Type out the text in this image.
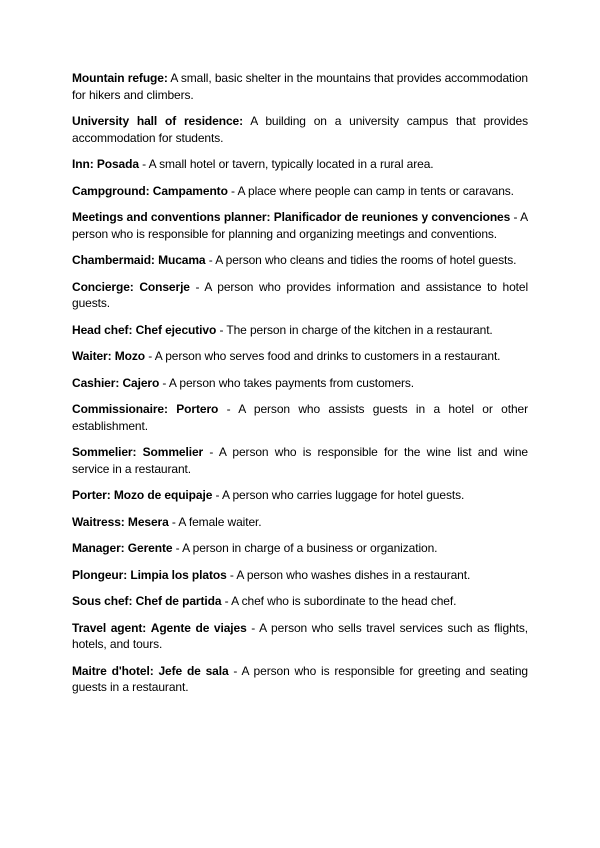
Mountain refuge: A small, basic shelter in the mountains that provides accommodation for hikers and climbers.

University hall of residence: A building on a university campus that provides accommodation for students.

Inn: Posada - A small hotel or tavern, typically located in a rural area.

Campground: Campamento - A place where people can camp in tents or caravans.

Meetings and conventions planner: Planificador de reuniones y convenciones - A person who is responsible for planning and organizing meetings and conventions.

Chambermaid: Mucama - A person who cleans and tidies the rooms of hotel guests.

Concierge: Conserje - A person who provides information and assistance to hotel guests.

Head chef: Chef ejecutivo - The person in charge of the kitchen in a restaurant.

Waiter: Mozo - A person who serves food and drinks to customers in a restaurant.

Cashier: Cajero - A person who takes payments from customers.

Commissionaire: Portero - A person who assists guests in a hotel or other establishment.

Sommelier: Sommelier - A person who is responsible for the wine list and wine service in a restaurant.

Porter: Mozo de equipaje - A person who carries luggage for hotel guests.

Waitress: Mesera - A female waiter.

Manager: Gerente - A person in charge of a business or organization.

Plongeur: Limpia los platos - A person who washes dishes in a restaurant.

Sous chef: Chef de partida - A chef who is subordinate to the head chef.

Travel agent: Agente de viajes - A person who sells travel services such as flights, hotels, and tours.

Maitre d'hotel: Jefe de sala - A person who is responsible for greeting and seating guests in a restaurant.
